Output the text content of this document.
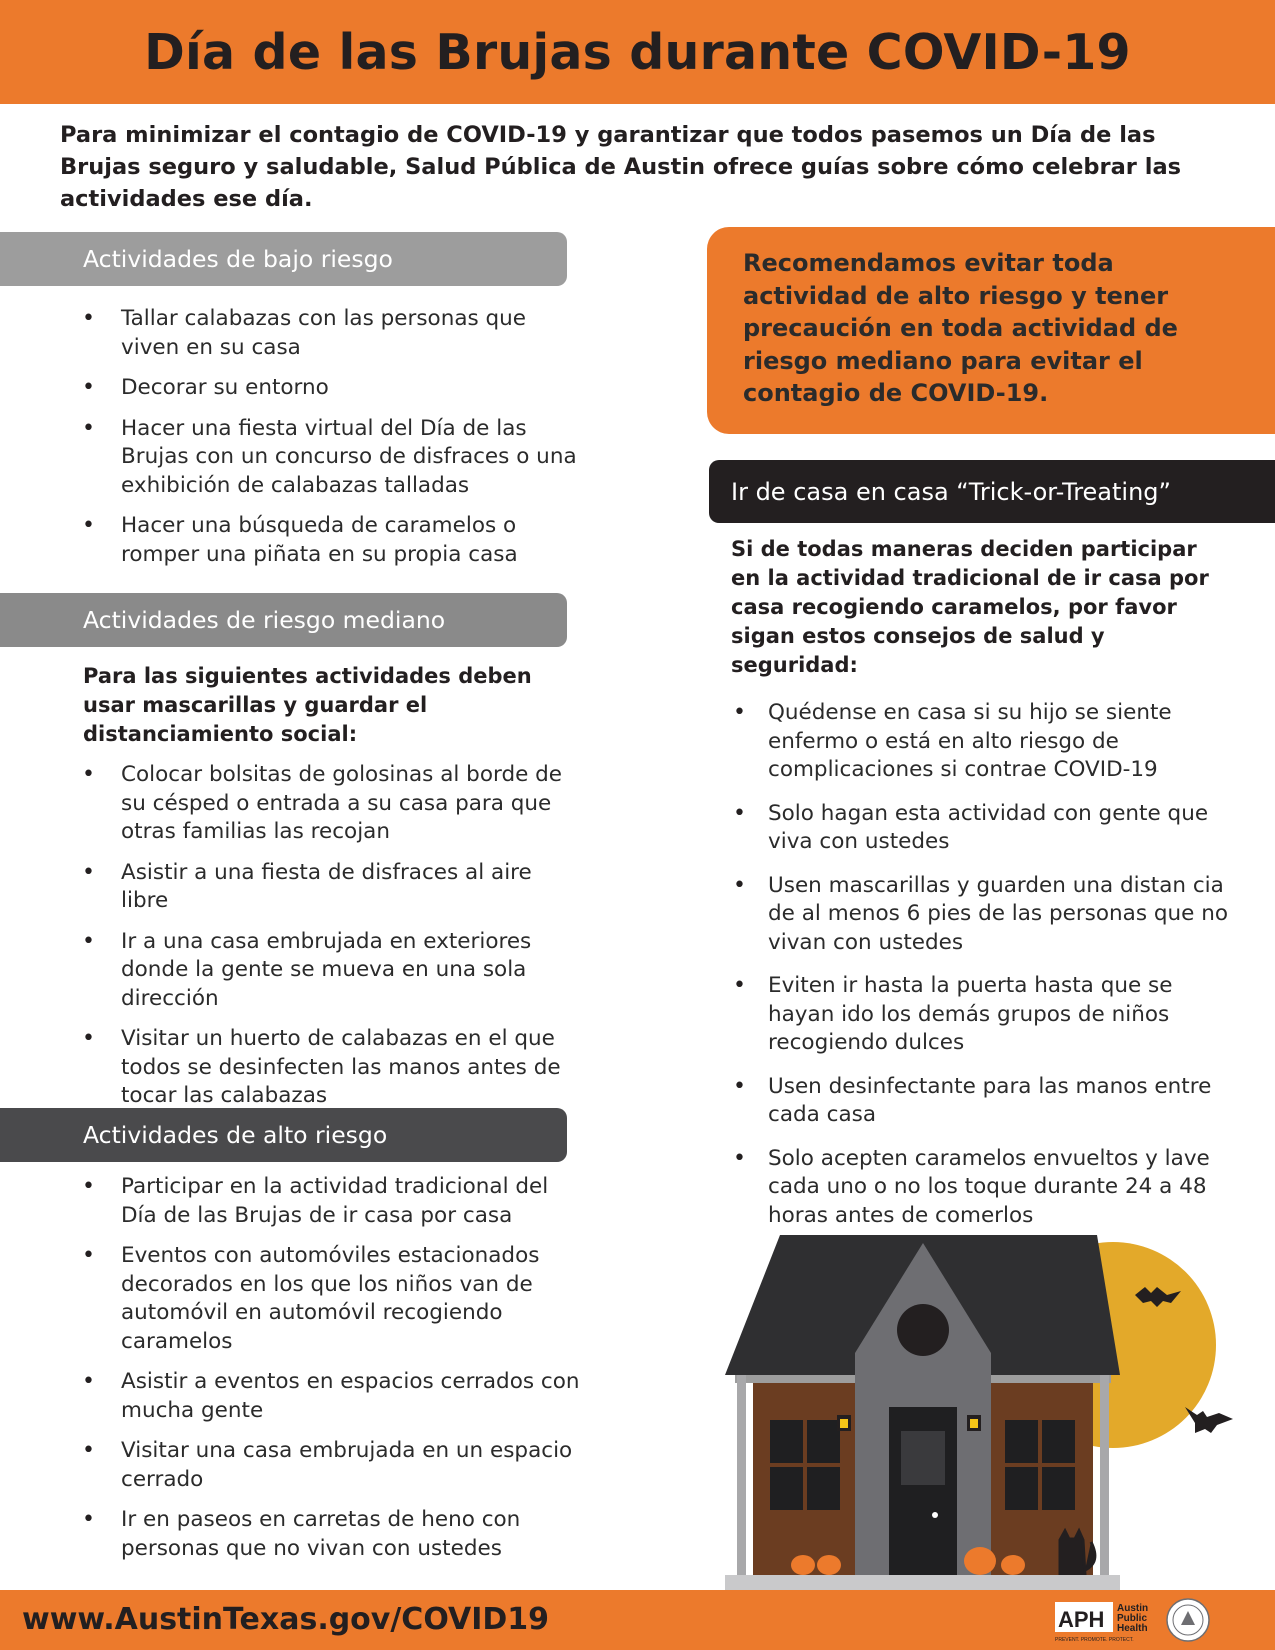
Día de las Brujas durante COVID-19

Para minimizar el contagio de COVID-19 y garantizar que todos pasemos un Día de las Brujas seguro y saludable, Salud Pública de Austin ofrece guías sobre cómo celebrar las actividades ese día.

Actividades de bajo riesgo
• Tallar calabazas con las personas que viven en su casa
• Decorar su entorno
• Hacer una fiesta virtual del Día de las Brujas con un concurso de disfraces o una exhibición de calabazas talladas
• Hacer una búsqueda de caramelos o romper una piñata en su propia casa
Actividades de riesgo mediano

Para las siguientes actividades deben usar mascarillas y guardar el distanciamiento social:

• Colocar bolsitas de golosinas al borde de su césped o entrada a su casa para que otras familias las recojan
• Asistir a una fiesta de disfraces al aire libre
• Ir a una casa embrujada en exteriores donde la gente se mueva en una sola dirección
• Visitar un huerto de calabazas en el que todos se desinfecten las manos antes de tocar las calabazas
Actividades de alto riesgo
• Participar en la actividad tradicional del Día de las Brujas de ir casa por casa
• Eventos con automóviles estacionados decorados en los que los niños van de automóvil en automóvil recogiendo caramelos
• Asistir a eventos en espacios cerrados con mucha gente
• Visitar una casa embrujada en un espacio cerrado
• Ir en paseos en carretas de heno con personas que no vivan con ustedes

Recomendamos evitar toda actividad de alto riesgo y tener precaución en toda actividad de riesgo mediano para evitar el contagio de COVID-19.

Ir de casa en casa “Trick-or-Treating”

Si de todas maneras deciden participar en la actividad tradicional de ir casa por casa recogiendo caramelos, por favor sigan estos consejos de salud y seguridad:

• Quédense en casa si su hijo se siente enfermo o está en alto riesgo de complicaciones si contrae COVID-19
• Solo hagan esta actividad con gente que viva con ustedes
• Usen mascarillas y guarden una distan cia de al menos 6 pies de las personas que no vivan con ustedes
• Eviten ir hasta la puerta hasta que se hayan ido los demás grupos de niños recogiendo dulces
• Usen desinfectante para las manos entre cada casa
• Solo acepten caramelos envueltos y lave cada uno o no los toque durante 24 a 48 horas antes de comerlos
www.AustinTexas.gov/COVID19	APH Austin
Public
Health
PREVENT. PROMOTE. PROTECT.
